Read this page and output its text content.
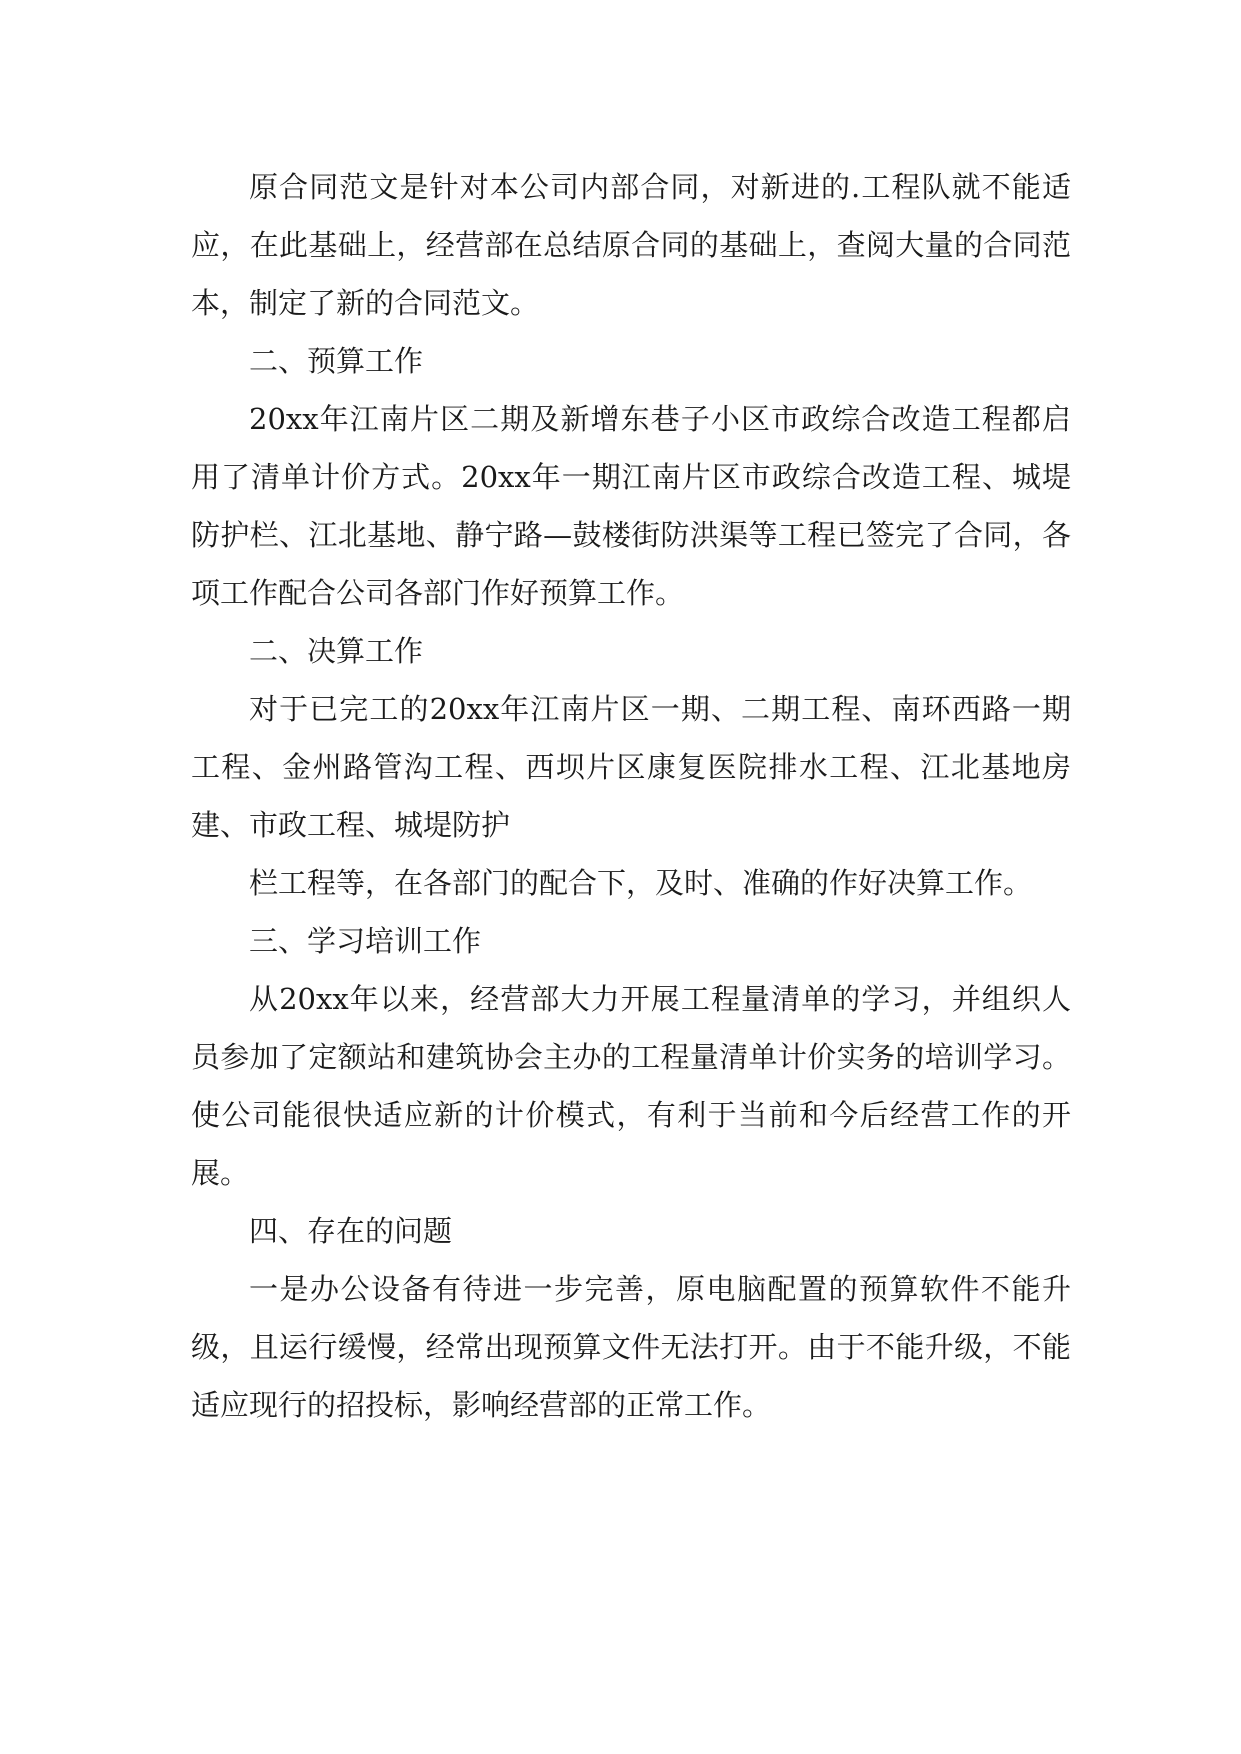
原合同范文是针对本公司内部合同，对新进的.工程队就不能适应，在此基础上，经营部在总结原合同的基础上，查阅大量的合同范本，制定了新的合同范文。

二、预算工作

20xx年江南片区二期及新增东巷子小区市政综合改造工程都启用了清单计价方式。20xx年一期江南片区市政综合改造工程、城堤防护栏、江北基地、静宁路—鼓楼街防洪渠等工程已签完了合同，各项工作配合公司各部门作好预算工作。

二、决算工作

对于已完工的20xx年江南片区一期、二期工程、南环西路一期工程、金州路管沟工程、西坝片区康复医院排水工程、江北基地房建、市政工程、城堤防护

栏工程等，在各部门的配合下，及时、准确的作好决算工作。

三、学习培训工作

从20xx年以来，经营部大力开展工程量清单的学习，并组织人员参加了定额站和建筑协会主办的工程量清单计价实务的培训学习。使公司能很快适应新的计价模式，有利于当前和今后经营工作的开展。

四、存在的问题

一是办公设备有待进一步完善，原电脑配置的预算软件不能升级，且运行缓慢，经常出现预算文件无法打开。由于不能升级，不能适应现行的招投标，影响经营部的正常工作。
